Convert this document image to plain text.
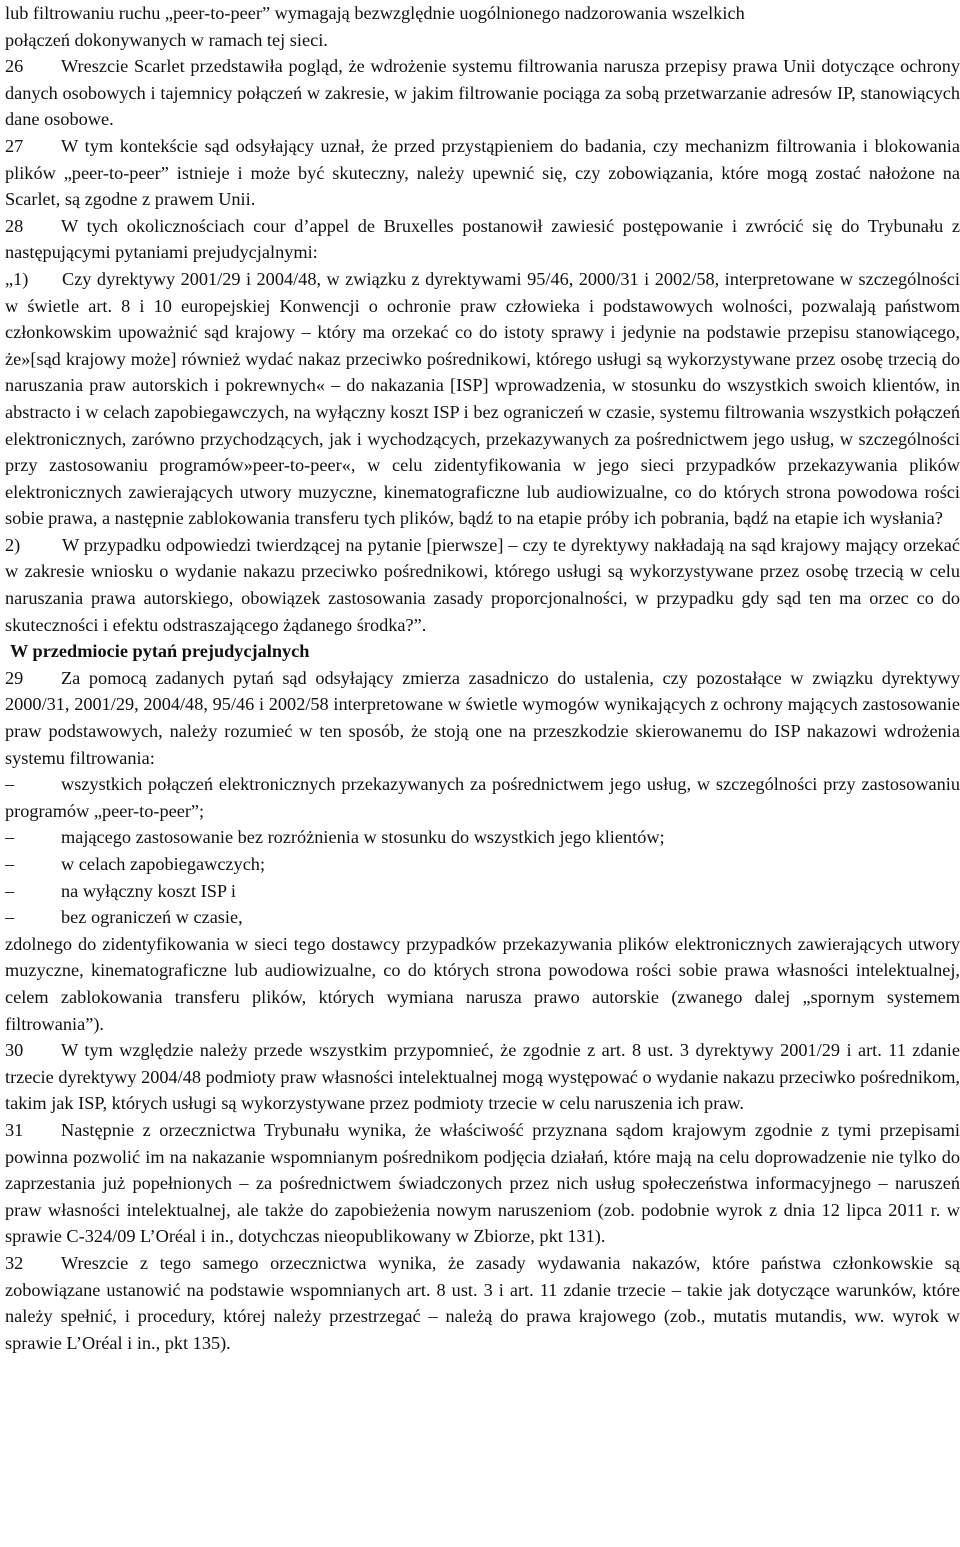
lub filtrowaniu ruchu „peer-to-peer” wymagają bezwzględnie uogólnionego nadzorowania wszelkich
połączeń dokonywanych w ramach tej sieci.

26 Wreszcie Scarlet przedstawiła pogląd, że wdrożenie systemu filtrowania narusza przepisy prawa Unii dotyczące ochrony danych osobowych i tajemnicy połączeń w zakresie, w jakim filtrowanie pociąga za sobą przetwarzanie adresów IP, stanowiących dane osobowe.

27 W tym kontekście sąd odsyłający uznał, że przed przystąpieniem do badania, czy mechanizm filtrowania i blokowania plików „peer-to-peer” istnieje i może być skuteczny, należy upewnić się, czy zobowiązania, które mogą zostać nałożone na Scarlet, są zgodne z prawem Unii.

28 W tych okolicznościach cour d’appel de Bruxelles postanowił zawiesić postępowanie i zwrócić się do Trybunału z następującymi pytaniami prejudycjalnymi:

„1) Czy dyrektywy 2001/29 i 2004/48, w związku z dyrektywami 95/46, 2000/31 i 2002/58, interpretowane w szczególności w świetle art. 8 i 10 europejskiej Konwencji o ochronie praw człowieka i podstawowych wolności, pozwalają państwom członkowskim upoważnić sąd krajowy – który ma orzekać co do istoty sprawy i jedynie na podstawie przepisu stanowiącego, że»[sąd krajowy może] również wydać nakaz przeciwko pośrednikowi, którego usługi są wykorzystywane przez osobę trzecią do naruszania praw autorskich i pokrewnych« – do nakazania [ISP] wprowadzenia, w stosunku do wszystkich swoich klientów, in abstracto i w celach zapobiegawczych, na wyłączny koszt ISP i bez ograniczeń w czasie, systemu filtrowania wszystkich połączeń elektronicznych, zarówno przychodzących, jak i wychodzących, przekazywanych za pośrednictwem jego usług, w szczególności przy zastosowaniu programów»peer-to-peer«, w celu zidentyfikowania w jego sieci przypadków przekazywania plików elektronicznych zawierających utwory muzyczne, kinematograficzne lub audiowizualne, co do których strona powodowa rości sobie prawa, a następnie zablokowania transferu tych plików, bądź to na etapie próby ich pobrania, bądź na etapie ich wysłania?

2) W przypadku odpowiedzi twierdzącej na pytanie [pierwsze] – czy te dyrektywy nakładają na sąd krajowy mający orzekać w zakresie wniosku o wydanie nakazu przeciwko pośrednikowi, którego usługi są wykorzystywane przez osobę trzecią w celu naruszania prawa autorskiego, obowiązek zastosowania zasady proporcjonalności, w przypadku gdy sąd ten ma orzec co do skuteczności i efektu odstraszającego żądanego środka?”.

W przedmiocie pytań prejudycjalnych

29 Za pomocą zadanych pytań sąd odsyłający zmierza zasadniczo do ustalenia, czy pozostałące w związku dyrektywy 2000/31, 2001/29, 2004/48, 95/46 i 2002/58 interpretowane w świetle wymogów wynikających z ochrony mających zastosowanie praw podstawowych, należy rozumieć w ten sposób, że stoją one na przeszkodzie skierowanemu do ISP nakazowi wdrożenia systemu filtrowania:

–	wszystkich połączeń elektronicznych przekazywanych za pośrednictwem jego usług, w szczególności przy zastosowaniu programów „peer-to-peer”;

–	mającego zastosowanie bez rozróżnienia w stosunku do wszystkich jego klientów;

–	w celach zapobiegawczych;

–	na wyłączny koszt ISP i

–	bez ograniczeń w czasie,

zdolnego do zidentyfikowania w sieci tego dostawcy przypadków przekazywania plików elektronicznych zawierających utwory muzyczne, kinematograficzne lub audiowizualne, co do których strona powodowa rości sobie prawa własności intelektualnej, celem zablokowania transferu plików, których wymiana narusza prawo autorskie (zwanego dalej „spornym systemem filtrowania”).

30 W tym względzie należy przede wszystkim przypomnieć, że zgodnie z art. 8 ust. 3 dyrektywy 2001/29 i art. 11 zdanie trzecie dyrektywy 2004/48 podmioty praw własności intelektualnej mogą występować o wydanie nakazu przeciwko pośrednikom, takim jak ISP, których usługi są wykorzystywane przez podmioty trzecie w celu naruszenia ich praw.

31 Następnie z orzecznictwa Trybunału wynika, że właściwość przyznana sądom krajowym zgodnie z tymi przepisami powinna pozwolić im na nakazanie wspomnianym pośrednikom podjęcia działań, które mają na celu doprowadzenie nie tylko do zaprzestania już popełnionych – za pośrednictwem świadczonych przez nich usług społeczeństwa informacyjnego – naruszeń praw własności intelektualnej, ale także do zapobieżenia nowym naruszeniom (zob. podobnie wyrok z dnia 12 lipca 2011 r. w sprawie C-324/09 L’Oréal i in., dotychczas nieopublikowany w Zbiorze, pkt 131).

32 Wreszcie z tego samego orzecznictwa wynika, że zasady wydawania nakazów, które państwa członkowskie są zobowiązane ustanowić na podstawie wspomnianych art. 8 ust. 3 i art. 11 zdanie trzecie – takie jak dotyczące warunków, które należy spełnić, i procedury, której należy przestrzegać – należą do prawa krajowego (zob., mutatis mutandis, ww. wyrok w sprawie L’Oréal i in., pkt 135).
